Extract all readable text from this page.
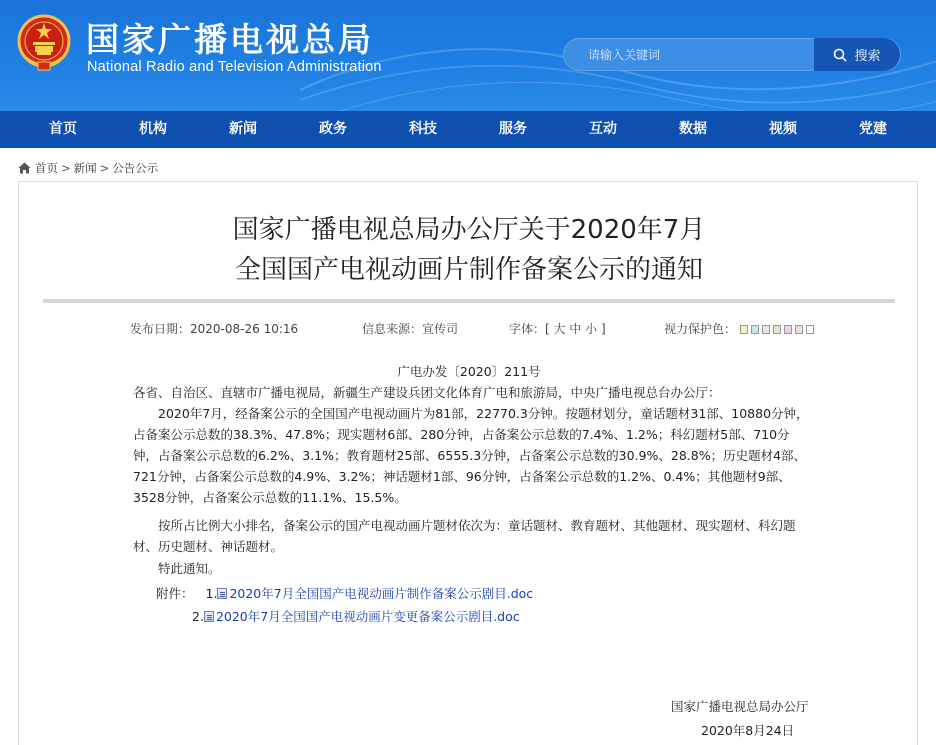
国家广播电视总局
National Radio and Television Administration
请输入关键词
搜索
首页	机构	新闻	政务	科技	服务	互动	数据	视频	党建
首页 > 新闻 > 公告公示
国家广播电视总局办公厅关于2020年7月
全国国产电视动画片制作备案公示的通知
发布日期：2020-08-26 10:16	信息来源：宣传司	字体：[ 大 中 小 ]	视力保护色：
广电办发〔2020〕211号
各省、自治区、直辖市广播电视局，新疆生产建设兵团文化体育广电和旅游局，中央广播电视总台办公厅：
　　2020年7月，经备案公示的全国国产电视动画片为81部，22770.3分钟。按题材划分，童话题材31部、10880分钟，占备案公示总数的38.3%、47.8%；现实题材6部、280分钟，占备案公示总数的7.4%、1.2%；科幻题材5部、710分钟，占备案公示总数的6.2%、3.1%；教育题材25部、6555.3分钟，占备案公示总数的30.9%、28.8%；历史题材4部、721分钟，占备案公示总数的4.9%、3.2%；神话题材1部、96分钟，占备案公示总数的1.2%、0.4%；其他题材9部、3528分钟，占备案公示总数的11.1%、15.5%。
　　按所占比例大小排名，备案公示的国产电视动画片题材依次为：童话题材、教育题材、其他题材、现实题材、科幻题材、历史题材、神话题材。
　　特此通知。
附件： 1. 2020年7月全国国产电视动画片制作备案公示剧目.doc
2. 2020年7月全国国产电视动画片变更备案公示剧目.doc
国家广播电视总局办公厅
2020年8月24日
